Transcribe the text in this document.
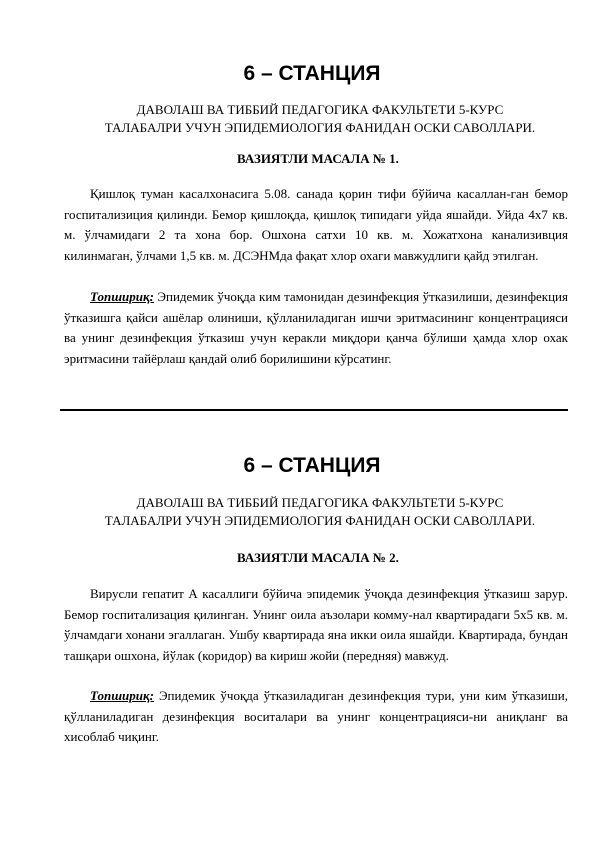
6 – СТАНЦИЯ
ДАВОЛАШ ВА ТИББИЙ ПЕДАГОГИКА ФАКУЛЬТЕТИ 5-КУРС
ТАЛАБАЛРИ УЧУН ЭПИДЕМИОЛОГИЯ ФАНИДАН ОСКИ САВОЛЛАРИ.
ВАЗИЯТЛИ МАСАЛА № 1.

Қишлоқ туман касалхонасига 5.08. санада қорин тифи бўйича касаллан-ган бемор госпитализиция қилинди. Бемор қишлоқда, қишлоқ типидаги уйда яшайди. Уйда 4х7 кв. м. ўлчамидаги 2 та хона бор. Ошхона сатхи 10 кв. м. Хожатхона канализивция килинмаган, ўлчами 1,5 кв. м. ДСЭНМда фақат хлор охаги мавжудлиги қайд этилган.

Топшириқ: Эпидемик ўчоқда ким тамонидан дезинфекция ўтказилиши, дезинфекция ўтказишга қайси ашёлар олиниши, қўлланиладиган ишчи эритмасининг концентрацияси ва унинг дезинфекция ўтказиш учун керакли миқдори қанча бўлиши ҳамда хлор охак эритмасини тайёрлаш қандай олиб борилишини кўрсатинг.

6 – СТАНЦИЯ
ДАВОЛАШ ВА ТИББИЙ ПЕДАГОГИКА ФАКУЛЬТЕТИ 5-КУРС
ТАЛАБАЛРИ УЧУН ЭПИДЕМИОЛОГИЯ ФАНИДАН ОСКИ САВОЛЛАРИ.
ВАЗИЯТЛИ МАСАЛА № 2.

Вирусли гепатит А касаллиги бўйича эпидемик ўчоқда дезинфекция ўтказиш зарур. Бемор госпитализация қилинган. Унинг оила аъзолари комму-нал квартирадаги 5х5 кв. м. ўлчамдаги хонани эгаллаган. Ушбу квартирада яна икки оила яшайди. Квартирада, бундан ташқари ошхона, йўлак (коридор) ва кириш жойи (передняя) мавжуд.

Топшириқ: Эпидемик ўчоқда ўтказиладиган дезинфекция тури, уни ким ўтказиши, қўлланиладиган дезинфекция воситалари ва унинг концентрацияси-ни аниқланг ва хисоблаб чиқинг.
